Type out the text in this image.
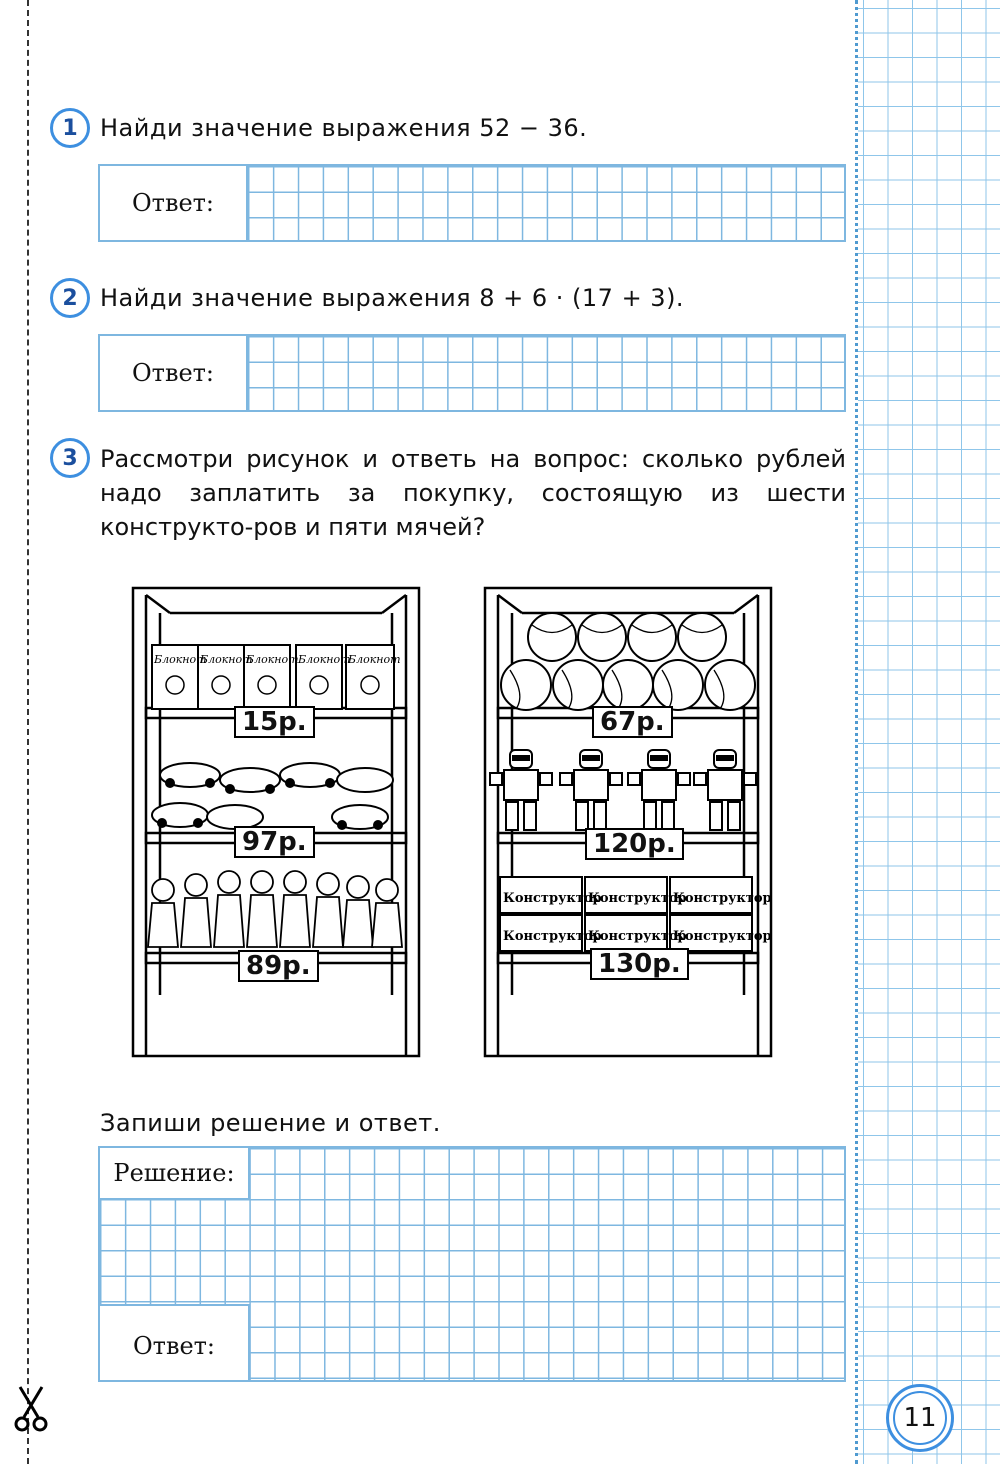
1 Найди значение выражения 52 − 36.
Ответ:
2 Найди значение выражения 8 + 6 · (17 + 3).
Ответ:
3 Рассмотри рисунок и ответь на вопрос: сколько рублей надо заплатить за покупку, состоящую из шести конструкто-ров и пяти мячей?
Блокнот
Блокнот
Блокнот Блокнот
Блокнот
15р.
97р.
89р.
Конструктор
Конструктор
Конструктор
Конструктор
Конструктор
Конструктор
67р.
120р.
130р.
Запиши решение и ответ.
Решение:
Ответ:
11
